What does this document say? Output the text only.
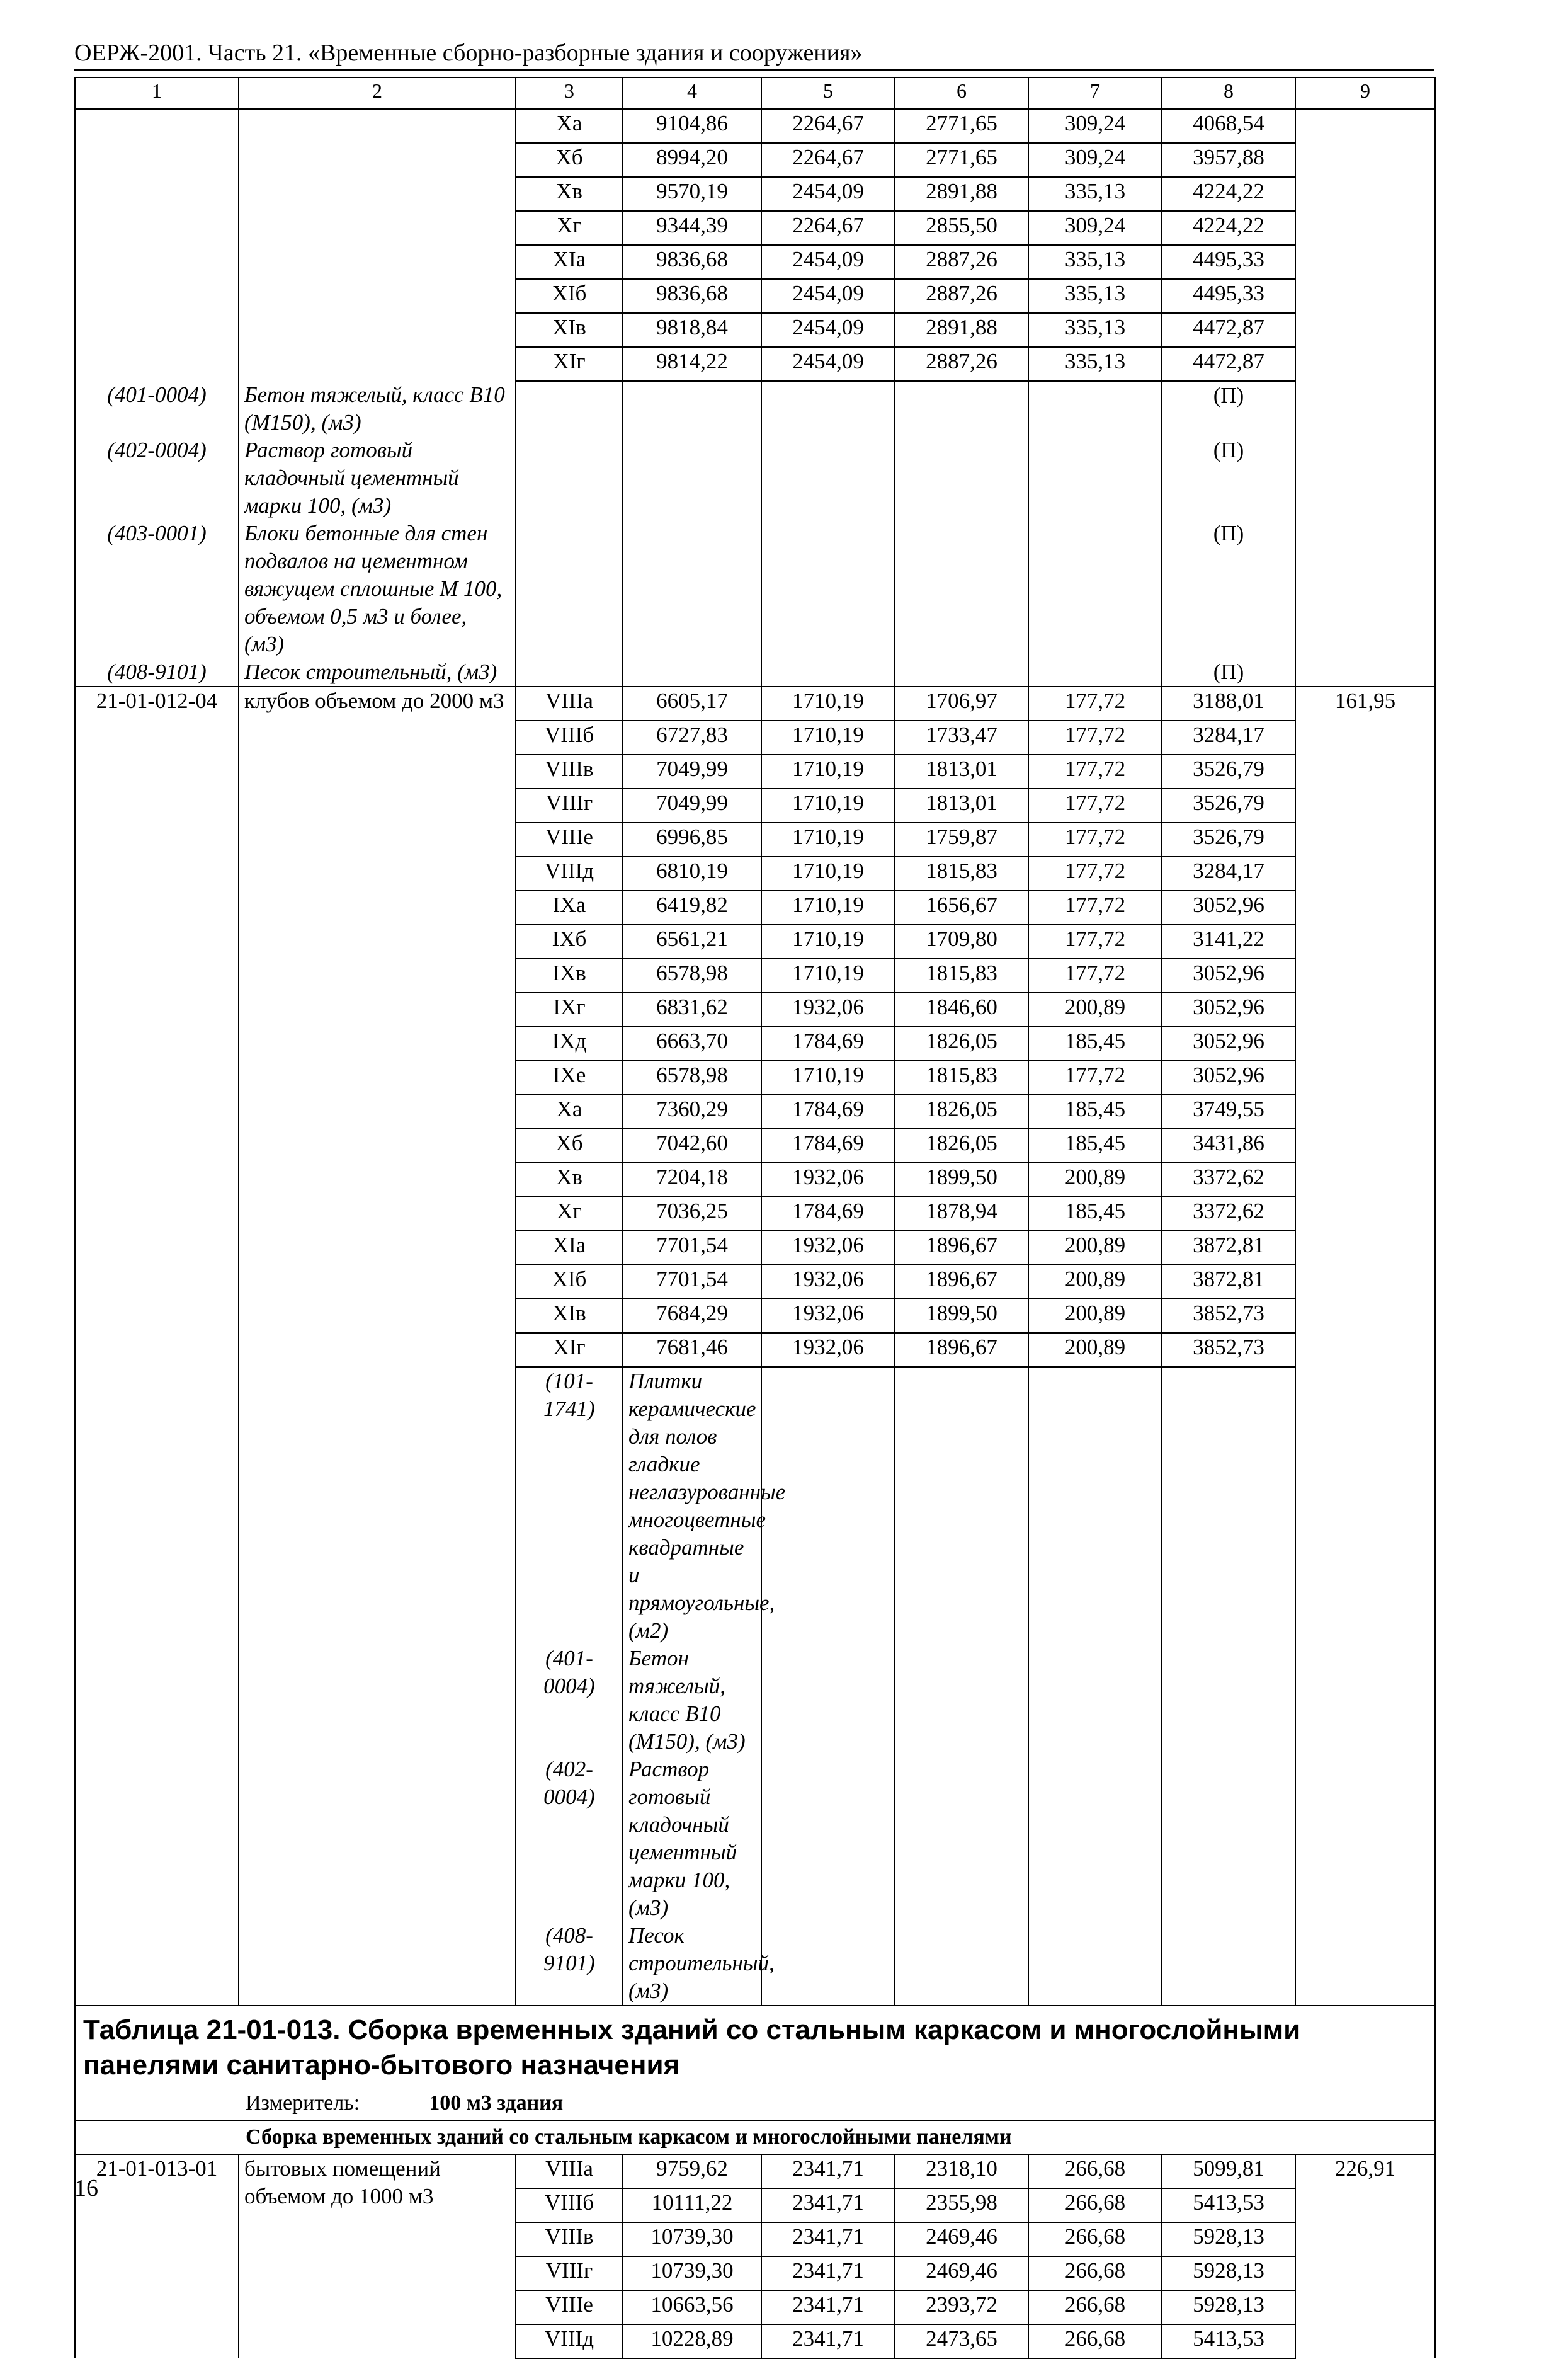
ОЕРЖ-2001. Часть 21. «Временные сборно-разборные здания и сооружения»
1	2	3	4	5	6	7	8	9	
		Xa	9104,86	2264,67	2771,65	309,24	4068,54		
		Xб	8994,20	2264,67	2771,65	309,24	3957,88		
		Xв	9570,19	2454,09	2891,88	335,13	4224,22		
		Xг	9344,39	2264,67	2855,50	309,24	4224,22		
		XIa	9836,68	2454,09	2887,26	335,13	4495,33		
		XIб	9836,68	2454,09	2887,26	335,13	4495,33		
		XIв	9818,84	2454,09	2891,88	335,13	4472,87		
		XIг	9814,22	2454,09	2887,26	335,13	4472,87		
(401-0004)	Бетон тяжелый, класс В10 (М150), (м3)						(П)		
(402-0004)	Раствор готовый кладочный цементный марки 100, (м3)						(П)		
(403-0001)	Блоки бетонные для стен подвалов на цементном вяжущем сплошные М 100, объемом 0,5 м3 и более, (м3)						(П)		
(408-9101)	Песок строительный, (м3)						(П)		
21-01-012-04	клубов объемом до 2000 м3	VIIIa	6605,17	1710,19	1706,97	177,72	3188,01	161,95	
		VIIIб	6727,83	1710,19	1733,47	177,72	3284,17		
		VIIIв	7049,99	1710,19	1813,01	177,72	3526,79		
		VIIIг	7049,99	1710,19	1813,01	177,72	3526,79		
		VIIIe	6996,85	1710,19	1759,87	177,72	3526,79		
		VIIIд	6810,19	1710,19	1815,83	177,72	3284,17		
		IXa	6419,82	1710,19	1656,67	177,72	3052,96		
		IXб	6561,21	1710,19	1709,80	177,72	3141,22		
		IXв	6578,98	1710,19	1815,83	177,72	3052,96		
		IXг	6831,62	1932,06	1846,60	200,89	3052,96		
		IXд	6663,70	1784,69	1826,05	185,45	3052,96		
		IXe	6578,98	1710,19	1815,83	177,72	3052,96		
		Xa	7360,29	1784,69	1826,05	185,45	3749,55		
		Xб	7042,60	1784,69	1826,05	185,45	3431,86		
		Xв	7204,18	1932,06	1899,50	200,89	3372,62		
		Xг	7036,25	1784,69	1878,94	185,45	3372,62		
		XIa	7701,54	1932,06	1896,67	200,89	3872,81		
		XIб	7701,54	1932,06	1896,67	200,89	3872,81		
		XIв	7684,29	1932,06	1899,50	200,89	3852,73		
		XIг	7681,46	1932,06	1896,67	200,89	3852,73		
		(101-1741)	Плитки керамические для полов гладкие неглазурованные многоцветные квадратные и прямоугольные, (м2)						
		(401-0004)	Бетон тяжелый, класс В10 (М150), (м3)						
		(402-0004)	Раствор готовый кладочный цементный марки 100, (м3)						
		(408-9101)	Песок строительный, (м3)						

Таблица 21-01-013. Сборка временных зданий со стальным каркасом и многослойными панелями санитарно-бытового назначения
Измеритель: 100 м3 здания									

Сборка временных зданий со стальным каркасом и многослойными панелями									

21-01-013-01	бытовых помещений объемом до 1000 м3	VIIIa	9759,62	2341,71	2318,10	266,68	5099,81	226,91	
		VIIIб	10111,22	2341,71	2355,98	266,68	5413,53		
		VIIIв	10739,30	2341,71	2469,46	266,68	5928,13		
		VIIIг	10739,30	2341,71	2469,46	266,68	5928,13		
		VIIIe	10663,56	2341,71	2393,72	266,68	5928,13		
		VIIIд	10228,89	2341,71	2473,65	266,68	5413,53		
16
